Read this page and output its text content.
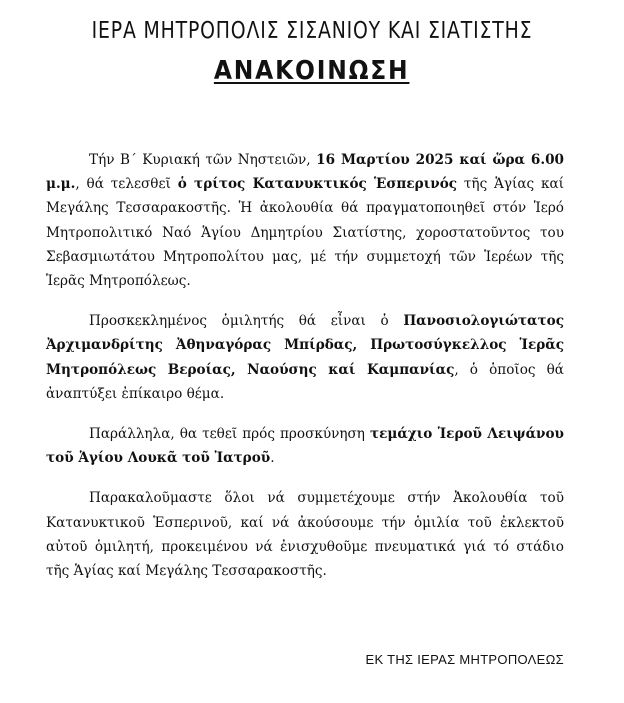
ΙΕΡΑ ΜΗΤΡΟΠΟΛΙΣ ΣΙΣΑΝΙΟΥ ΚΑΙ ΣΙΑΤΙΣΤΗΣ
ΑΝΑΚΟΙΝΩΣΗ

Τήν Β΄ Κυριακή τῶν Νηστειῶν, 16 Μαρτίου 2025 καί ὥρα 6.00 μ.μ., θά τελεσθεῖ ὁ τρίτος Κατανυκτικός Ἑσπερινός τῆς Ἁγίας καί Μεγάλης Τεσσαρακοστῆς. Ἡ ἀκολουθία θά πραγματοποιηθεῖ στόν Ἱερό Μητροπολιτικό Ναό Ἁγίου Δημητρίου Σιατίστης, χοροστατοῦντος του Σεβασμιωτάτου Μητροπολίτου μας, μέ τήν συμμετοχή τῶν Ἱερέων τῆς Ἱερᾶς Μητροπόλεως.

Προσκεκλημένος ὁμιλητής θά εἶναι ὁ Πανοσιολογιώτατος Ἀρχιμανδρίτης Ἀθηναγόρας Μπίρδας, Πρωτοσύγκελλος Ἱερᾶς Μητροπόλεως Βεροίας, Ναούσης καί Καμπανίας, ὁ ὁποῖος θά ἀναπτύξει ἐπίκαιρο θέμα.

Παράλληλα, θα τεθεῖ πρός προσκύνηση τεμάχιο Ἱεροῦ Λειψάνου τοῦ Ἁγίου Λουκᾶ τοῦ Ἰατροῦ.

Παρακαλοῦμαστε ὅλοι νά συμμετέχουμε στήν Ἀκολουθία τοῦ Κατανυκτικοῦ Ἑσπερινοῦ, καί νά ἀκούσουμε τήν ὁμιλία τοῦ ἐκλεκτοῦ αὐτοῦ ὁμιλητή, προκειμένου νά ἐνισχυθοῦμε πνευματικά γιά τό στάδιο τῆς Ἁγίας καί Μεγάλης Τεσσαρακοστῆς.

ΕΚ ΤΗΣ ΙΕΡΑΣ ΜΗΤΡΟΠΟΛΕΩΣ
